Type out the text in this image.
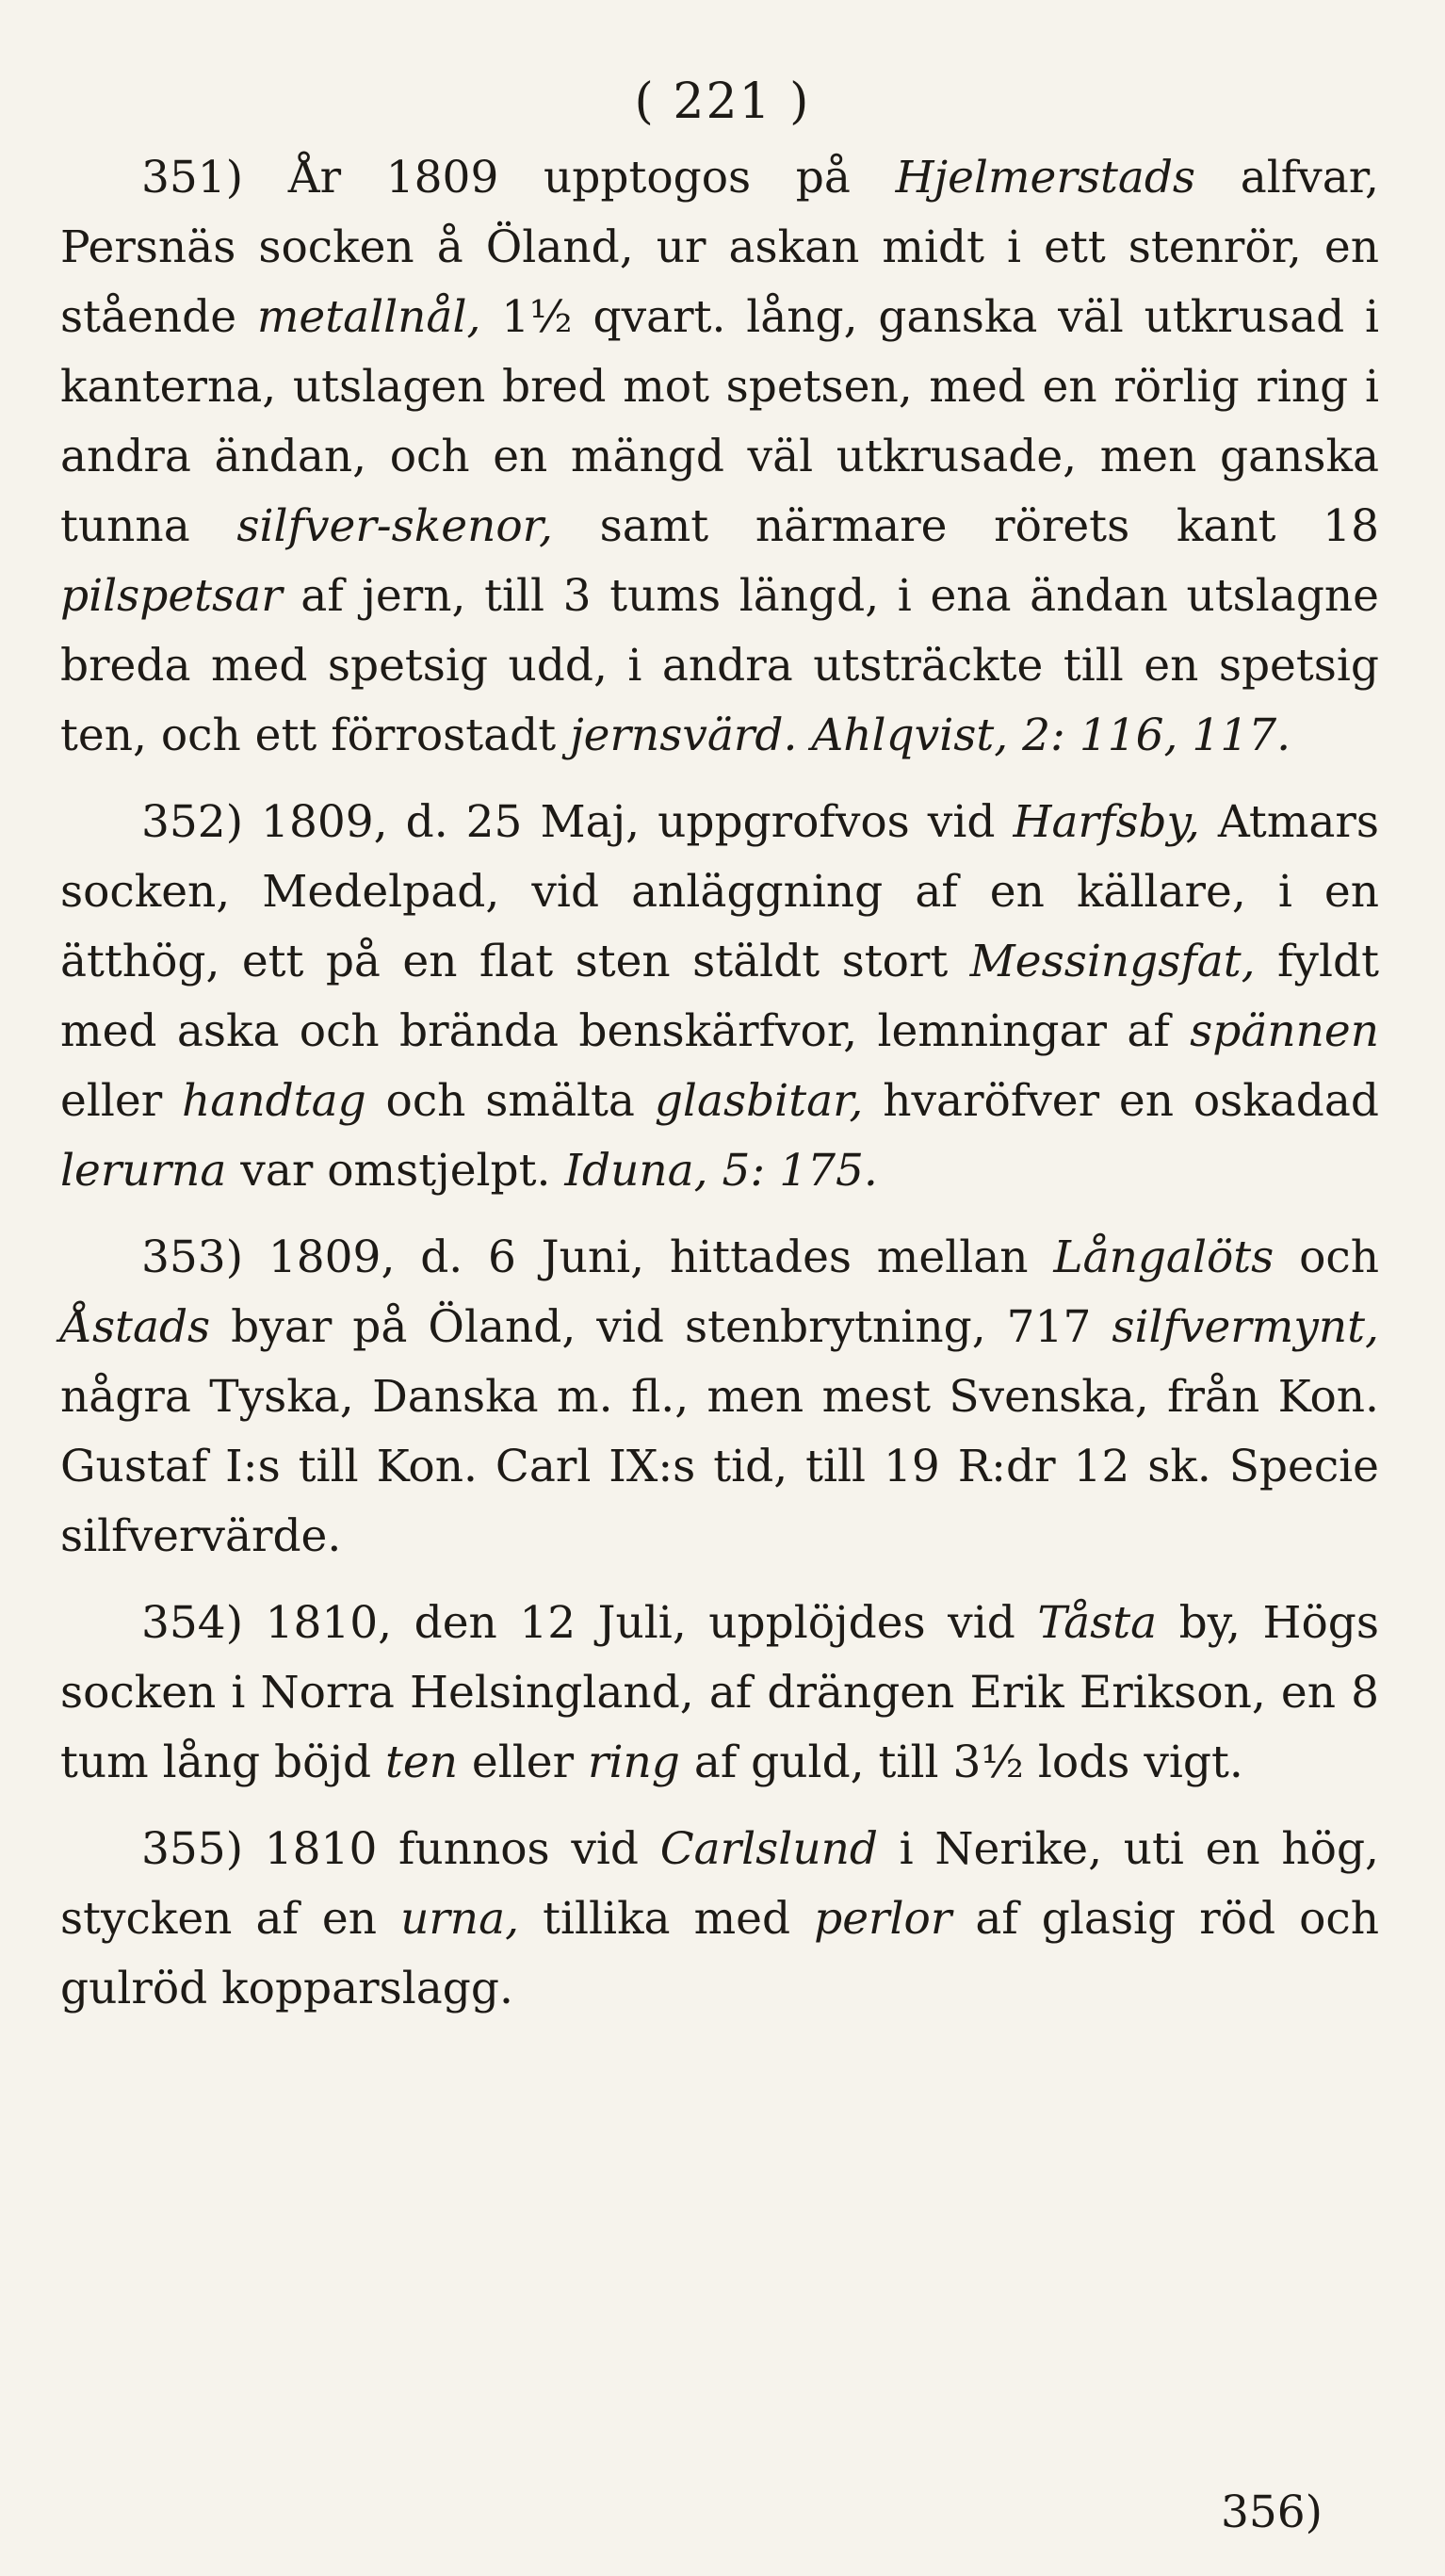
( 221 )

351) År 1809 upptogos på Hjelmerstads alfvar, Persnäs socken å Öland, ur askan midt i ett stenrör, en stående metallnål, 1½ qvart. lång, ganska väl utkrusad i kanterna, utslagen bred mot spetsen, med en rörlig ring i andra ändan, och en mängd väl utkrusade, men ganska tunna silfver-skenor, samt närmare rörets kant 18 pilspetsar af jern, till 3 tums längd, i ena ändan utslagne breda med spetsig udd, i andra utsträckte till en spetsig ten, och ett förrostadt jernsvärd. Ahlqvist, 2: 116, 117.

352) 1809, d. 25 Maj, uppgrofvos vid Harfsby, Atmars socken, Medelpad, vid anläggning af en källare, i en ätthög, ett på en flat sten stäldt stort Messingsfat, fyldt med aska och brända benskärfvor, lemningar af spännen eller handtag och smälta glasbitar, hvaröfver en oskadad lerurna var omstjelpt. Iduna, 5: 175.

353) 1809, d. 6 Juni, hittades mellan Långalöts och Åstads byar på Öland, vid stenbrytning, 717 silfvermynt, några Tyska, Danska m. fl., men mest Svenska, från Kon. Gustaf I:s till Kon. Carl IX:s tid, till 19 R:dr 12 sk. Specie silfvervärde.

354) 1810, den 12 Juli, upplöjdes vid Tåsta by, Högs socken i Norra Helsingland, af drängen Erik Erikson, en 8 tum lång böjd ten eller ring af guld, till 3½ lods vigt.

355) 1810 funnos vid Carlslund i Nerike, uti en hög, stycken af en urna, tillika med perlor af glasig röd och gulröd kopparslagg.

356)
